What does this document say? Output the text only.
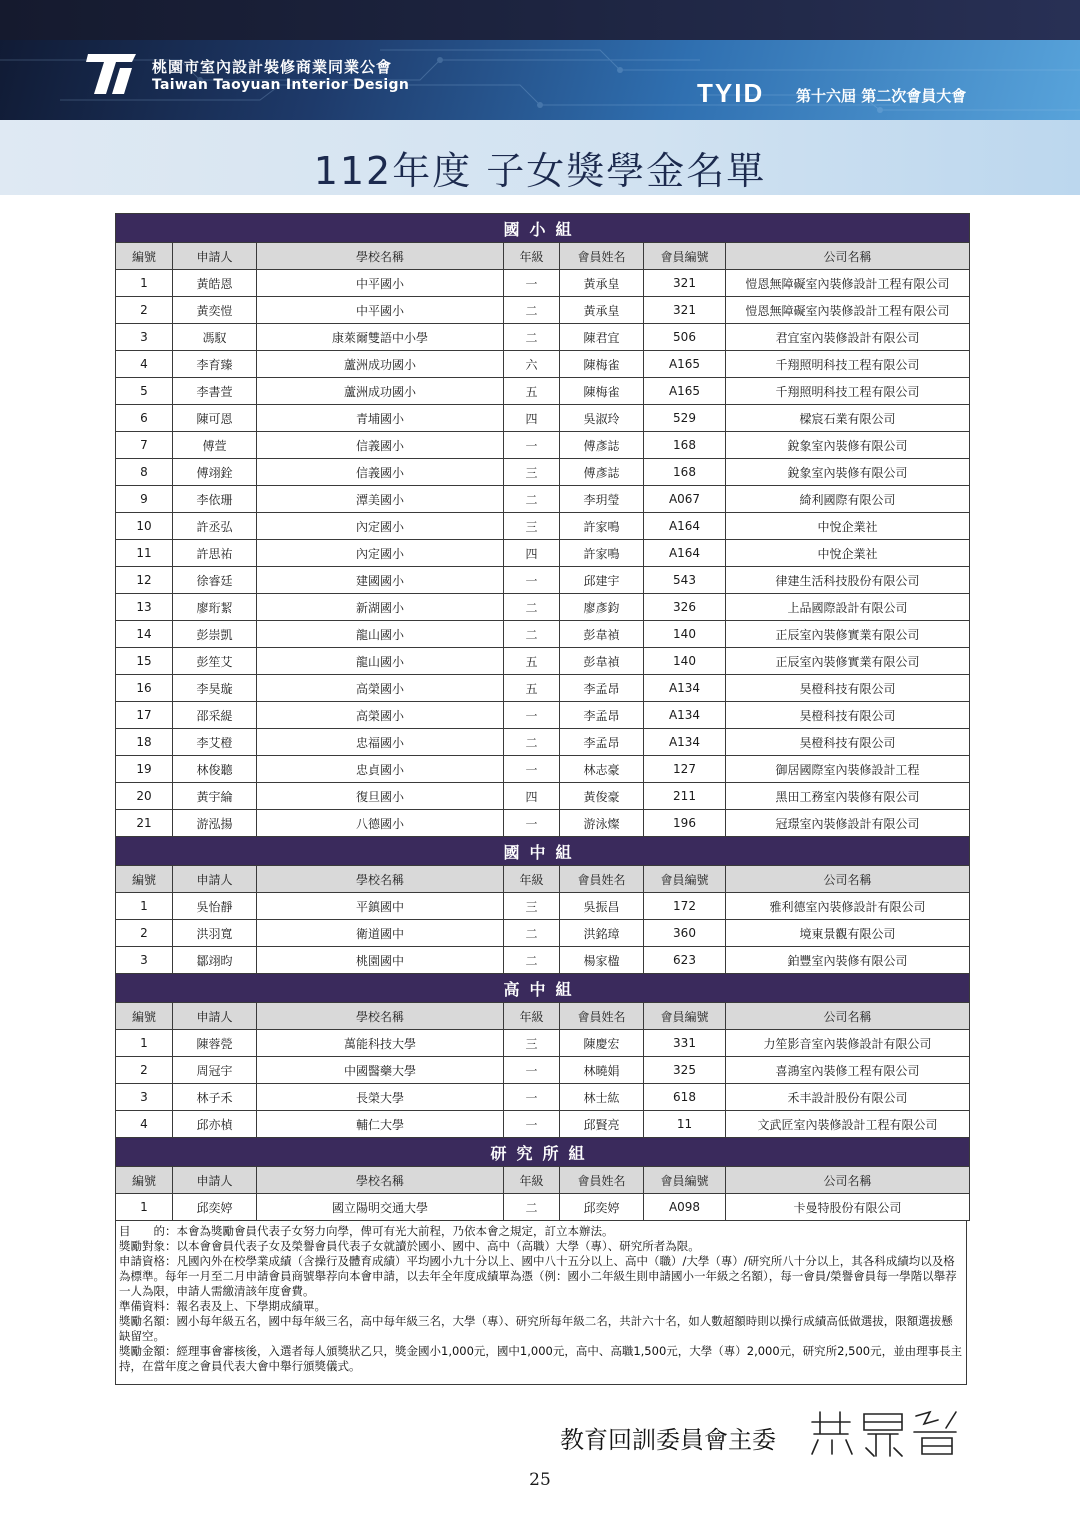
桃園市室內設計裝修商業同業公會
Taiwan Taoyuan Interior Design	TYID 第十六屆 第二次會員大會
112年度 子女獎學金名單
國小組						
編號	申請人	學校名稱	年級	會員姓名	會員編號	公司名稱
1	黃皓恩	中平國小	一	黃承皇	321	愷恩無障礙室內裝修設計工程有限公司
2	黃奕愷	中平國小	二	黃承皇	321	愷恩無障礙室內裝修設計工程有限公司
3	馮馭	康萊爾雙語中小學	二	陳君宜	506	君宜室內裝修設計有限公司
4	李育臻	蘆洲成功國小	六	陳梅雀	A165	千翔照明科技工程有限公司
5	李書萱	蘆洲成功國小	五	陳梅雀	A165	千翔照明科技工程有限公司
6	陳可恩	青埔國小	四	吳淑玲	529	樑宸石業有限公司
7	傅萱	信義國小	一	傅彥誌	168	銳象室內裝修有限公司
8	傅翊銓	信義國小	三	傅彥誌	168	銳象室內裝修有限公司
9	李依珊	潭美國小	二	李玥瑩	A067	綺利國際有限公司
10	許丞弘	內定國小	三	許家鳴	A164	中悅企業社
11	許思祐	內定國小	四	許家鳴	A164	中悅企業社
12	徐睿廷	建國國小	一	邱建宇	543	律建生活科技股份有限公司
13	廖珩絜	新湖國小	二	廖彥鈞	326	上品國際設計有限公司
14	彭崇凱	龍山國小	二	彭韋禎	140	正辰室內裝修實業有限公司
15	彭笙艾	龍山國小	五	彭韋禎	140	正辰室內裝修實業有限公司
16	李昊璇	高榮國小	五	李孟昂	A134	昊橙科技有限公司
17	邵采緹	高榮國小	一	李孟昂	A134	昊橙科技有限公司
18	李艾橙	忠福國小	二	李孟昂	A134	昊橙科技有限公司
19	林俊聽	忠貞國小	一	林志豪	127	御居國際室內裝修設計工程
20	黃宇綸	復旦國小	四	黃俊豪	211	黑田工務室內裝修有限公司
21	游泓揚	八德國小	一	游泳燦	196	冠璟室內裝修設計有限公司
國中組						
編號	申請人	學校名稱	年級	會員姓名	會員編號	公司名稱
1	吳怡靜	平鎮國中	三	吳振昌	172	雅利德室內裝修設計有限公司
2	洪羽寬	衛道國中	二	洪銘璋	360	境東景觀有限公司
3	鄒翊昀	桃園國中	二	楊家楹	623	鉑豐室內裝修有限公司
高中組						
編號	申請人	學校名稱	年級	會員姓名	會員編號	公司名稱
1	陳蓉甇	萬能科技大學	三	陳慶宏	331	力笙影音室內裝修設計有限公司
2	周冠宇	中國醫藥大學	一	林曉娟	325	喜鴻室內裝修工程有限公司
3	林子禾	長榮大學	一	林士紘	618	禾丰設計股份有限公司
4	邱亦楨	輔仁大學	一	邱賢亮	11	文武匠室內裝修設計工程有限公司
研究所組						
編號	申請人	學校名稱	年級	會員姓名	會員編號	公司名稱
1	邱奕婷	國立陽明交通大學	二	邱奕婷	A098	卡曼特股份有限公司

目　　的：本會為獎勵會員代表子女努力向學，俾可有光大前程，乃依本會之規定，訂立本辦法。

獎勵對象：以本會會員代表子女及榮譽會員代表子女就讀於國小、國中、高中（高職）大學（專）、研究所者為限。

申請資格：凡國內外在校學業成績（含操行及體育成績）平均國小九十分以上、國中八十五分以上、高中（職）/大學（專）/研究所八十分以上，其各科成績均以及格為標準。每年一月至二月申請會員商號舉荐向本會申請，以去年全年度成績單為憑（例：國小二年級生則申請國小一年級之名額），每一會員/榮譽會員每一學階以舉荐一人為限，申請人需繳清該年度會費。

準備資料：報名表及上、下學期成績單。

獎勵名額：國小每年級五名，國中每年級三名，高中每年級三名，大學（專）、研究所每年級二名，共計六十名，如人數超額時則以操行成績高低做選拔，限額選拔懸缺留空。

獎勵金額：經理事會審核後，入選者每人頒獎狀乙只，獎金國小1,000元，國中1,000元，高中、高職1,500元，大學（專）2,000元，研究所2,500元，並由理事長主持，在當年度之會員代表大會中舉行頒獎儀式。

教育回訓委員會主委
25
